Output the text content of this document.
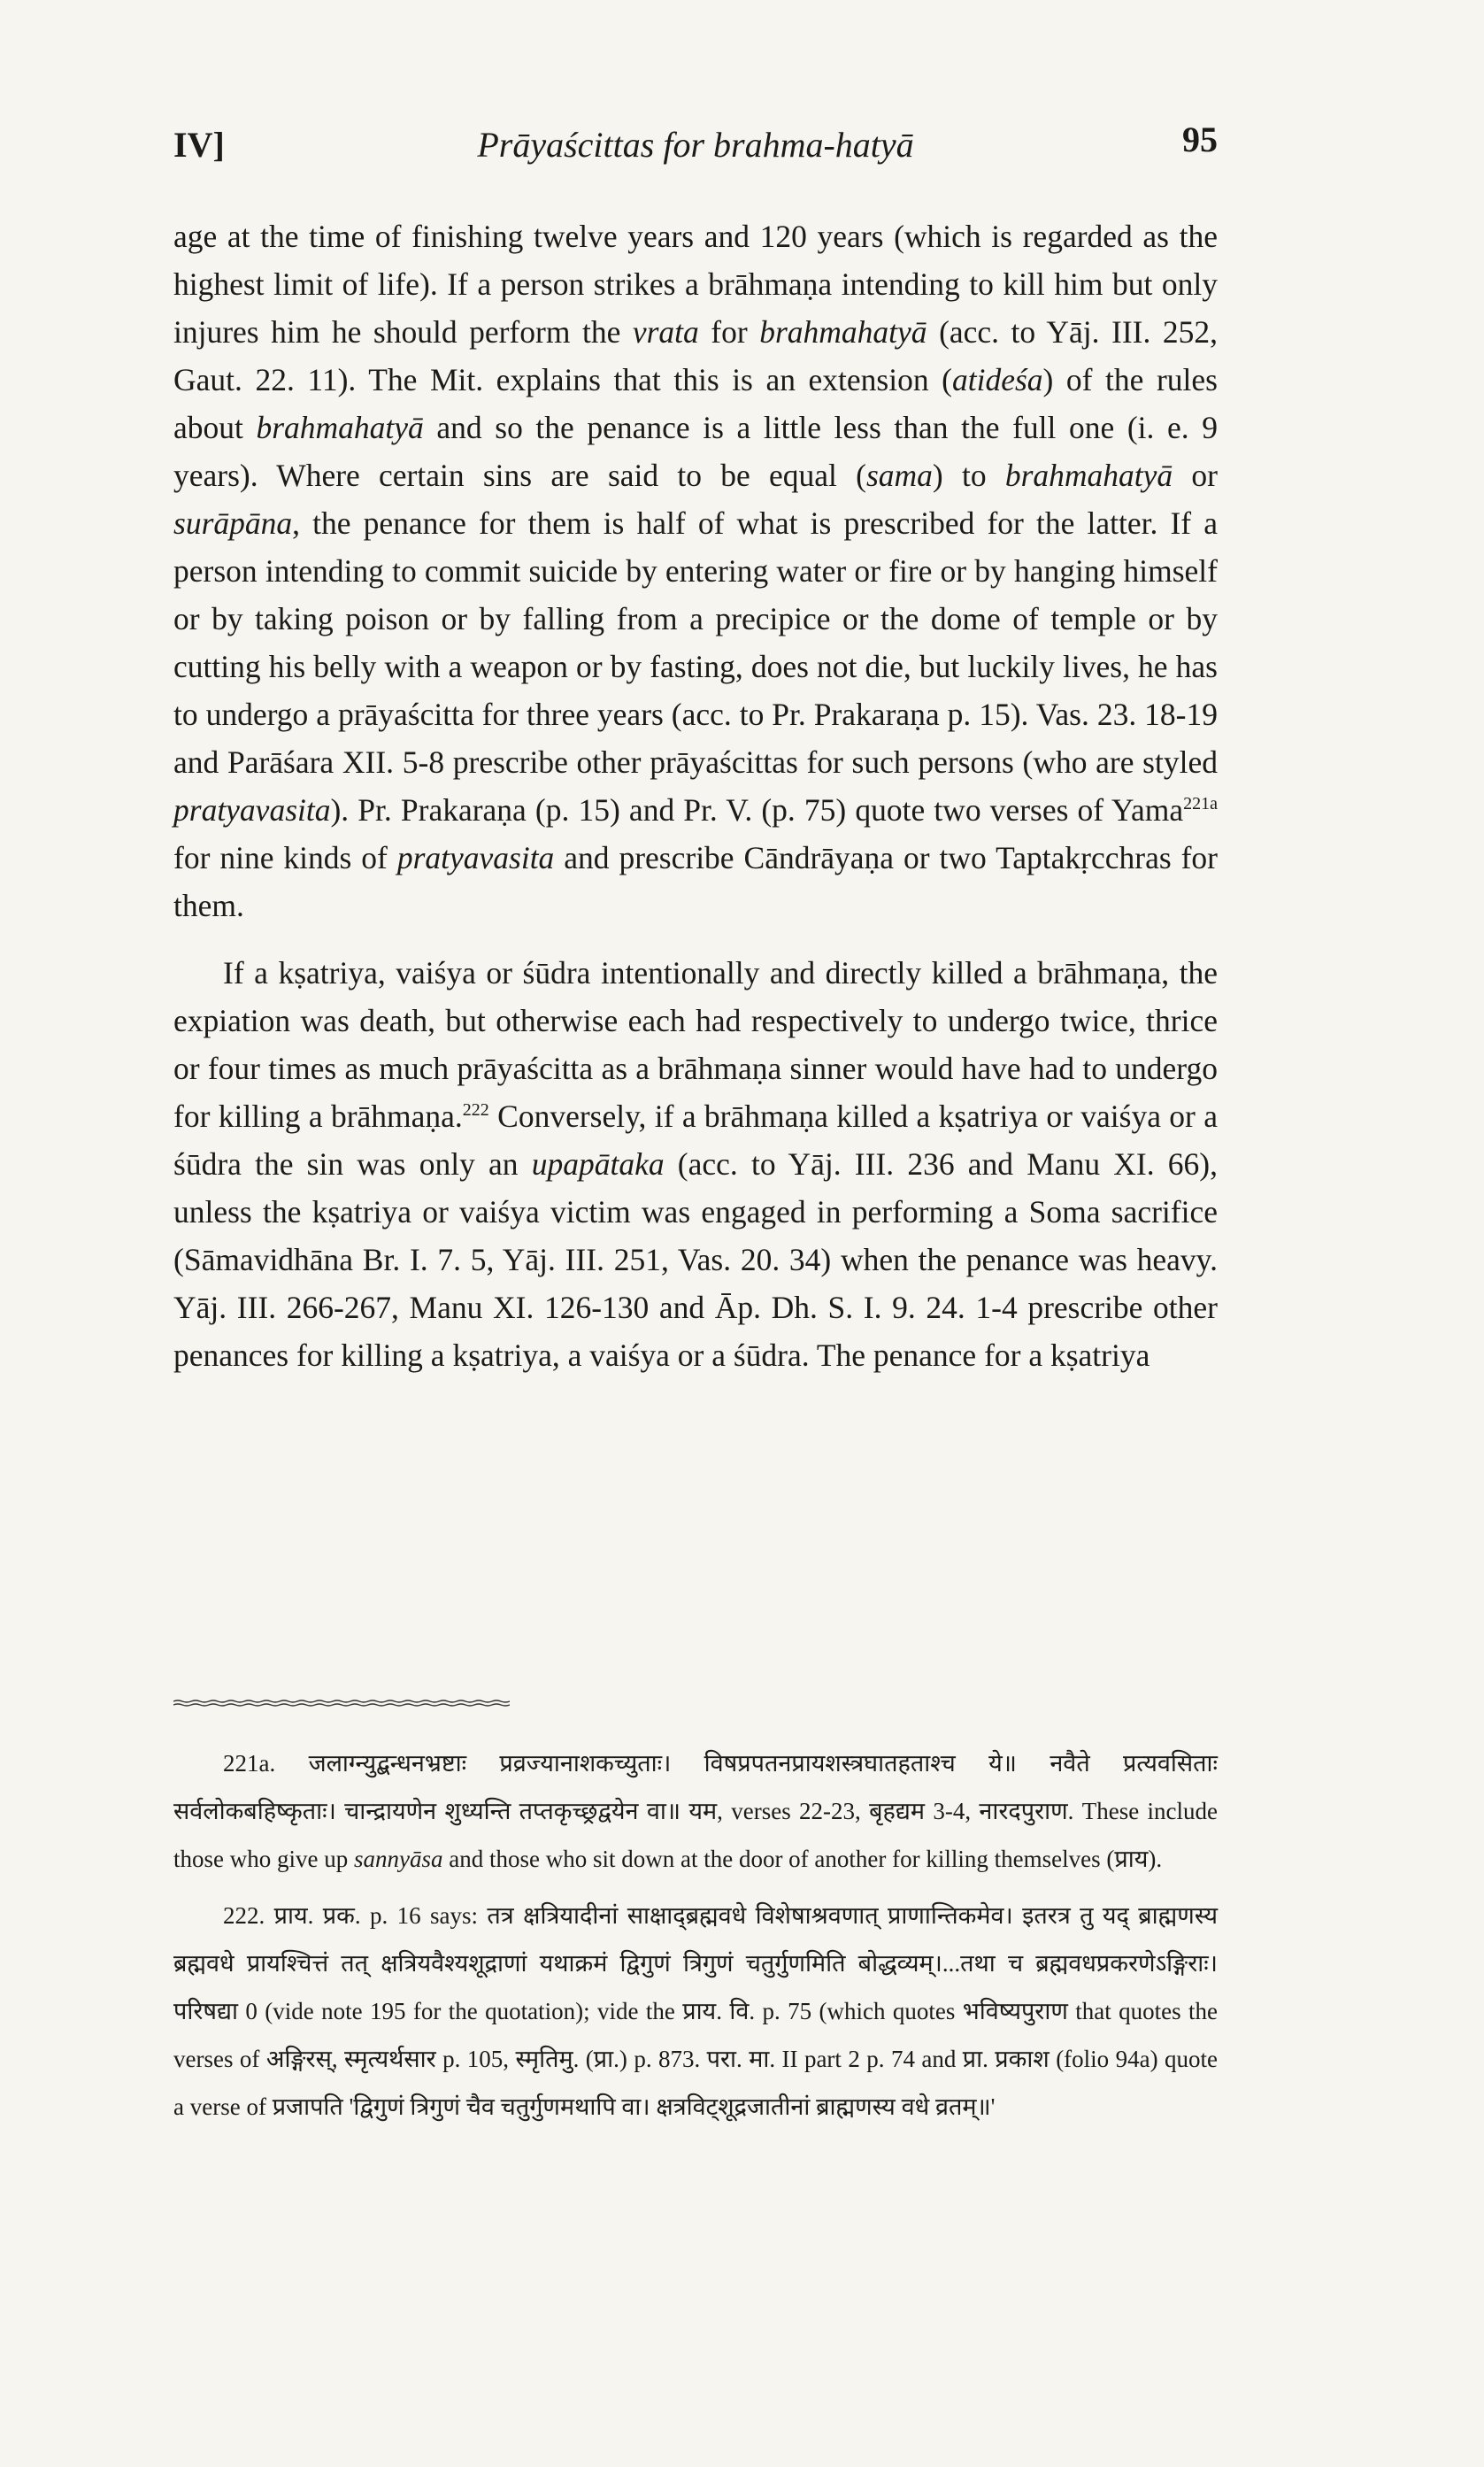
IV]	Prāyaścittas for brahma-hatyā	95

age at the time of finishing twelve years and 120 years (which is regarded as the highest limit of life). If a person strikes a brāhmaṇa intending to kill him but only injures him he should perform the vrata for brahmahatyā (acc. to Yāj. III. 252, Gaut. 22. 11). The Mit. explains that this is an extension (atideśa) of the rules about brahmahatyā and so the penance is a little less than the full one (i. e. 9 years). Where certain sins are said to be equal (sama) to brahmahatyā or surāpāna, the penance for them is half of what is prescribed for the latter. If a person intending to commit suicide by entering water or fire or by hanging himself or by taking poison or by falling from a precipice or the dome of temple or by cutting his belly with a weapon or by fasting, does not die, but luckily lives, he has to undergo a prāyaścitta for three years (acc. to Pr. Prakaraṇa p. 15). Vas. 23. 18-19 and Parāśara XII. 5-8 prescribe other prāyaścittas for such persons (who are styled pratyavasita). Pr. Prakaraṇa (p. 15) and Pr. V. (p. 75) quote two verses of Yama$^{221a}$ for nine kinds of pratyavasita and prescribe Cāndrāyaṇa or two Taptakṛcchras for them.

If a kṣatriya, vaiśya or śūdra intentionally and directly killed a brāhmaṇa, the expiation was death, but otherwise each had respectively to undergo twice, thrice or four times as much prāyaścitta as a brāhmaṇa sinner would have had to undergo for killing a brāhmaṇa.$^{222}$ Conversely, if a brāhmaṇa killed a kṣatriya or vaiśya or a śūdra the sin was only an upapātaka (acc. to Yāj. III. 236 and Manu XI. 66), unless the kṣatriya or vaiśya victim was engaged in performing a Soma sacrifice (Sāmavidhāna Br. I. 7. 5, Yāj. III. 251, Vas. 20. 34) when the penance was heavy. Yāj. III. 266-267, Manu XI. 126-130 and Āp. Dh. S. I. 9. 24. 1-4 prescribe other penances for killing a kṣatriya, a vaiśya or a śūdra. The penance for a kṣatriya

221a. जलाग्न्युद्बन्धनभ्रष्टाः प्रव्रज्यानाशकच्युताः। विषप्रपतनप्रायशस्त्रघातहताश्च ये॥ नवैते प्रत्यवसिताः सर्वलोकबहिष्कृताः। चान्द्रायणेन शुध्यन्ति तप्तकृच्छ्रद्वयेन वा॥ यम, verses 22-23, बृहद्यम 3-4, नारदपुराण. These include those who give up sannyāsa and those who sit down at the door of another for killing themselves (प्राय).

222. प्राय. प्रक. p. 16 says: तत्र क्षत्रियादीनां साक्षाद्ब्रह्मवधे विशेषाश्रवणात् प्राणान्तिकमेव। इतरत्र तु यद् ब्राह्मणस्य ब्रह्मवधे प्रायश्चित्तं तत् क्षत्रियवैश्यशूद्राणां यथाक्रमं द्विगुणं त्रिगुणं चतुर्गुणमिति बोद्धव्यम्।...तथा च ब्रह्मवधप्रकरणेऽङ्गिराः। परिषद्या 0 (vide note 195 for the quotation); vide the प्राय. वि. p. 75 (which quotes भविष्यपुराण that quotes the verses of अङ्गिरस्, स्मृत्यर्थसार p. 105, स्मृतिमु. (प्रा.) p. 873. परा. मा. II part 2 p. 74 and प्रा. प्रकाश (folio 94a) quote a verse of प्रजापति 'द्विगुणं त्रिगुणं चैव चतुर्गुणमथापि वा। क्षत्रविट्शूद्रजातीनां ब्राह्मणस्य वधे व्रतम्॥'
